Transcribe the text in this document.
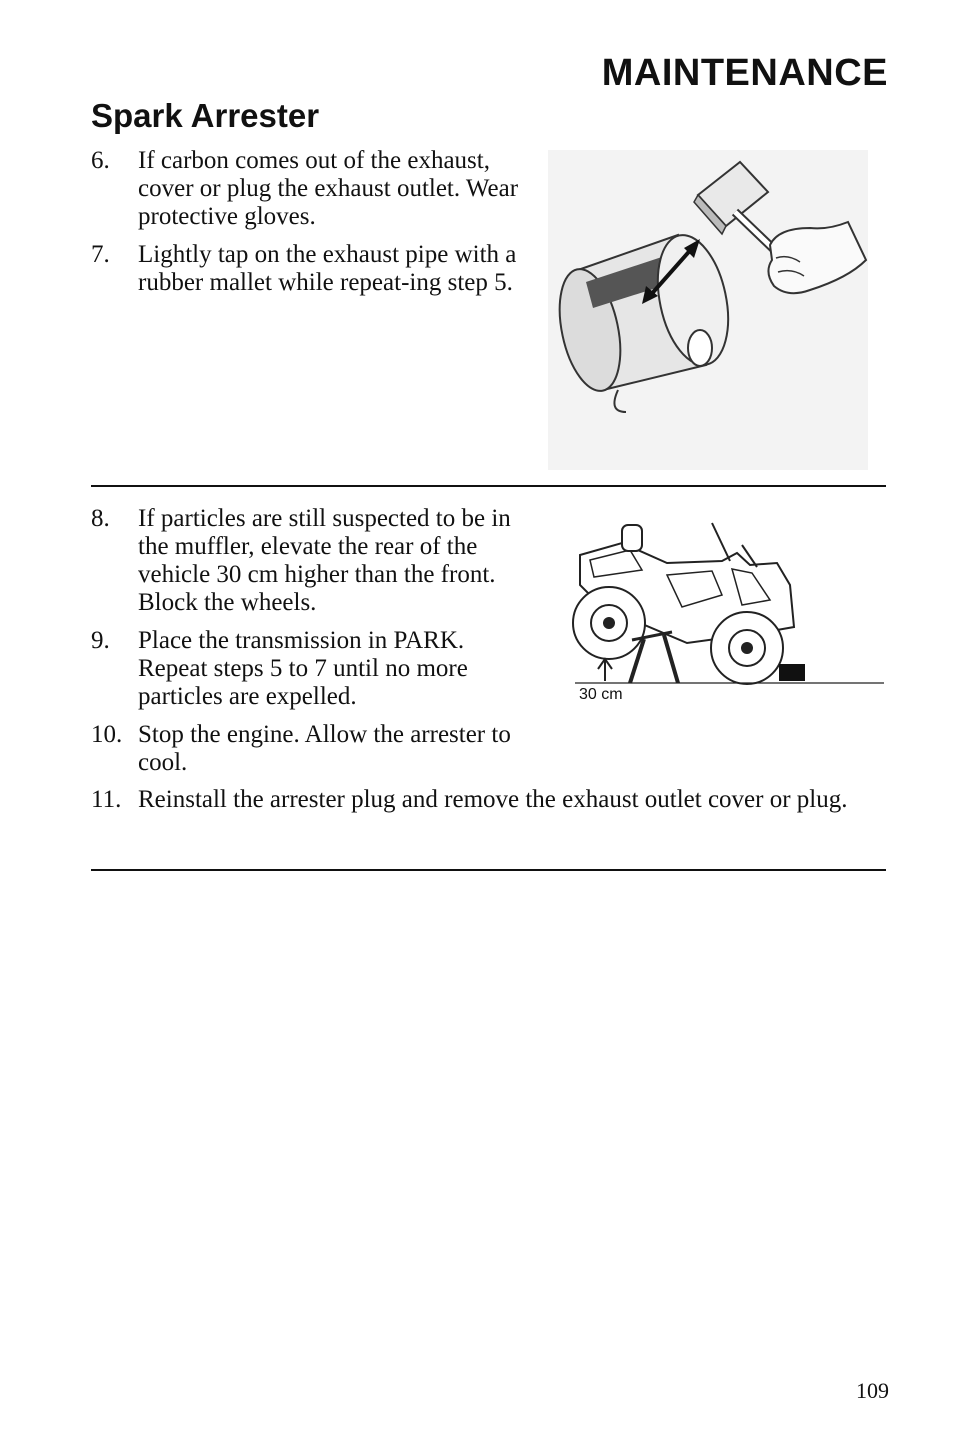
MAINTENANCE
Spark Arrester
6. If carbon comes out of the exhaust, cover or plug the exhaust outlet. Wear protective gloves.
7. Lightly tap on the exhaust pipe with a rubber mallet while repeat-ing step 5.
8. If particles are still suspected to be in the muffler, elevate the rear of the vehicle 30 cm higher than the front. Block the wheels.
9. Place the transmission in PARK. Repeat steps 5 to 7 until no more particles are expelled.
10. Stop the engine. Allow the arrester to cool.
30 cm
11. Reinstall the arrester plug and remove the exhaust outlet cover or plug.
109
